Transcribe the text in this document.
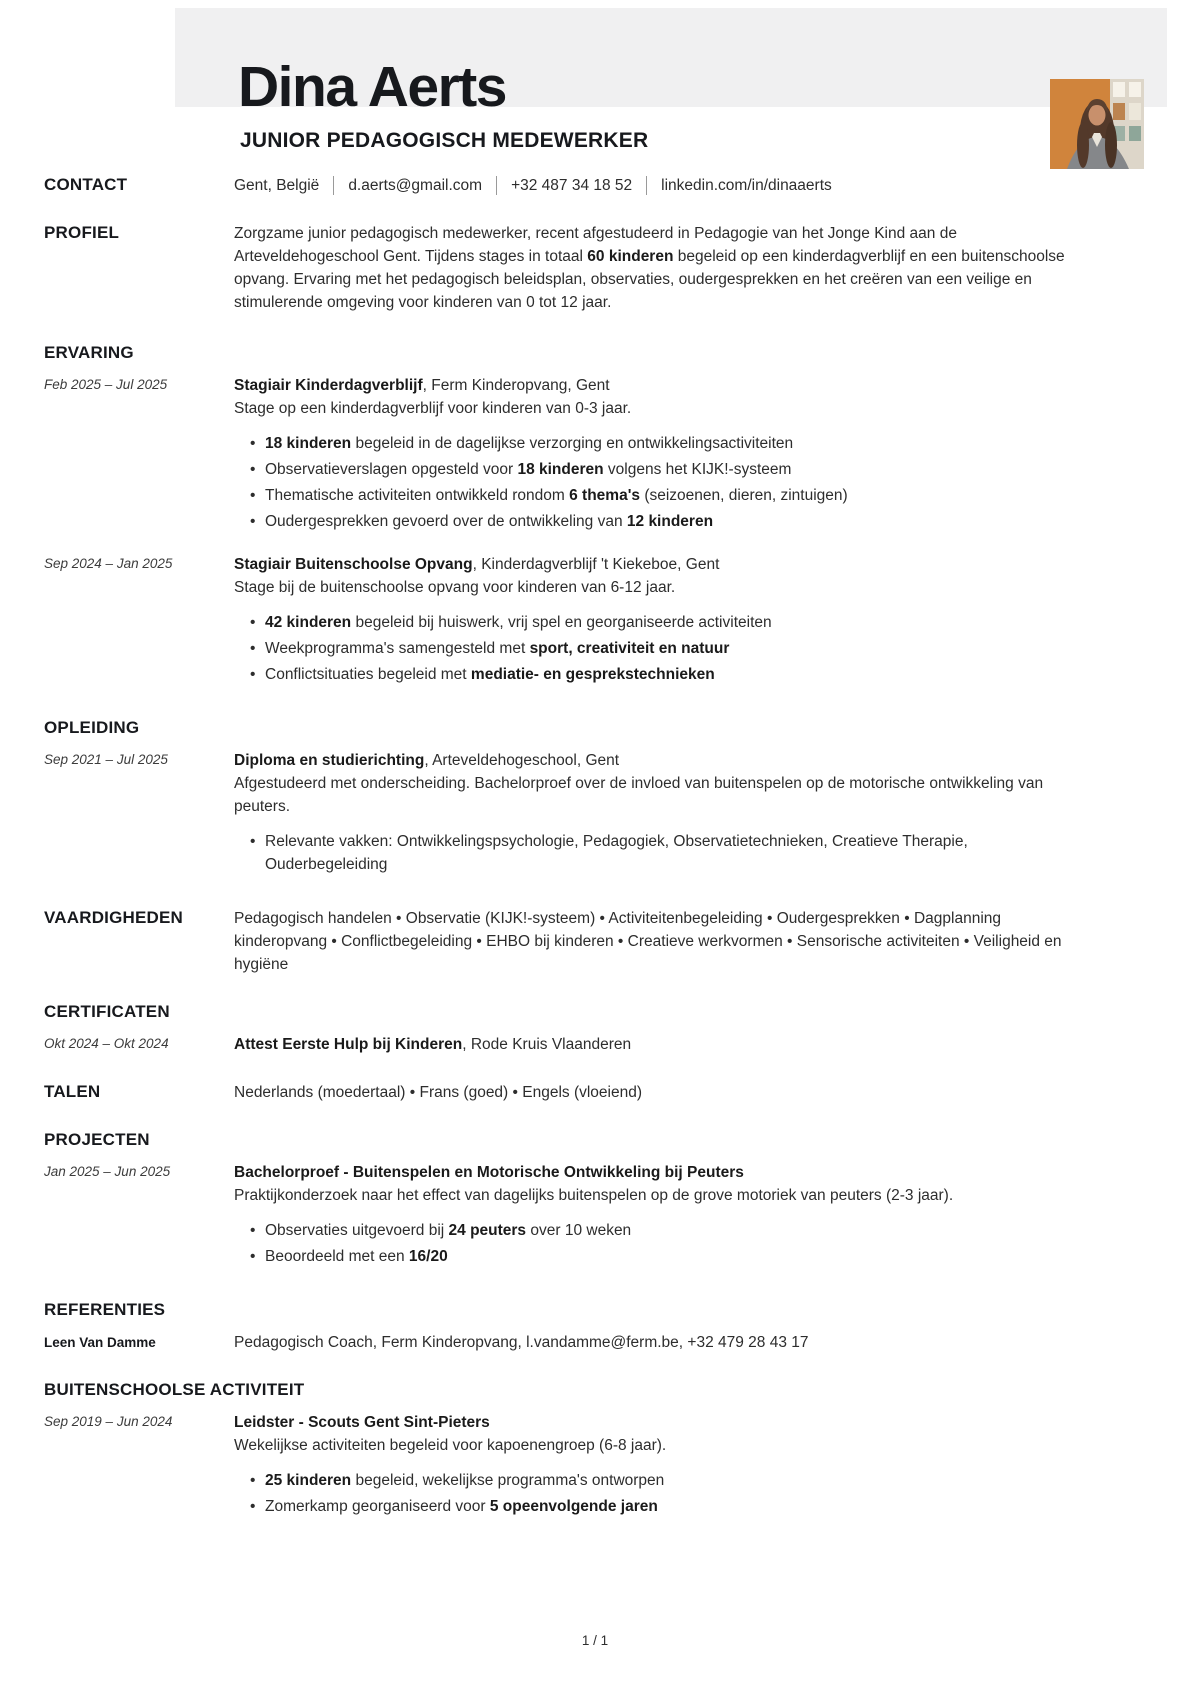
Dina Aerts
JUNIOR PEDAGOGISCH MEDEWERKER
CONTACT	Gent, België d.aerts@gmail.com +32 487 34 18 52 linkedin.com/in/dinaaerts
PROFIEL	Zorgzame junior pedagogisch medewerker, recent afgestudeerd in Pedagogie van het Jonge Kind aan de Arteveldehogeschool Gent. Tijdens stages in totaal 60 kinderen begeleid op een kinderdagverblijf en een buitenschoolse opvang. Ervaring met het pedagogisch beleidsplan, observaties, oudergesprekken en het creëren van een veilige en stimulerende omgeving voor kinderen van 0 tot 12 jaar.
ERVARING
Feb 2025 – Jul 2025	Stagiair Kinderdagverblijf, Ferm Kinderopvang, Gent

Stage op een kinderdagverblijf voor kinderen van 0-3 jaar.

• 18 kinderen begeleid in de dagelijkse verzorging en ontwikkelingsactiviteiten
• Observatieverslagen opgesteld voor 18 kinderen volgens het KIJK!-systeem
• Thematische activiteiten ontwikkeld rondom 6 thema's (seizoenen, dieren, zintuigen)
• Oudergesprekken gevoerd over de ontwikkeling van 12 kinderen
Sep 2024 – Jan 2025	Stagiair Buitenschoolse Opvang, Kinderdagverblijf 't Kiekeboe, Gent

Stage bij de buitenschoolse opvang voor kinderen van 6-12 jaar.

• 42 kinderen begeleid bij huiswerk, vrij spel en georganiseerde activiteiten
• Weekprogramma's samengesteld met sport, creativiteit en natuur
• Conflictsituaties begeleid met mediatie- en gesprekstechnieken
OPLEIDING
Sep 2021 – Jul 2025	Diploma en studierichting, Arteveldehogeschool, Gent

Afgestudeerd met onderscheiding. Bachelorproef over de invloed van buitenspelen op de motorische ontwikkeling van peuters.

• Relevante vakken: Ontwikkelingspsychologie, Pedagogiek, Observatietechnieken, Creatieve Therapie, Ouderbegeleiding
VAARDIGHEDEN	Pedagogisch handelen • Observatie (KIJK!-systeem) • Activiteitenbegeleiding • Oudergesprekken • Dagplanning kinderopvang • Conflictbegeleiding • EHBO bij kinderen • Creatieve werkvormen • Sensorische activiteiten • Veiligheid en hygiëne
CERTIFICATEN
Okt 2024 – Okt 2024	Attest Eerste Hulp bij Kinderen, Rode Kruis Vlaanderen

TALEN	Nederlands (moedertaal) • Frans (goed) • Engels (vloeiend)
PROJECTEN
Jan 2025 – Jun 2025	Bachelorproef - Buitenspelen en Motorische Ontwikkeling bij Peuters

Praktijkonderzoek naar het effect van dagelijks buitenspelen op de grove motoriek van peuters (2-3 jaar).

• Observaties uitgevoerd bij 24 peuters over 10 weken
• Beoordeeld met een 16/20
REFERENTIES
Leen Van Damme	Pedagogisch Coach, Ferm Kinderopvang, l.vandamme@ferm.be, +32 479 28 43 17
BUITENSCHOOLSE ACTIVITEIT
Sep 2019 – Jun 2024	Leidster - Scouts Gent Sint-Pieters

Wekelijkse activiteiten begeleid voor kapoenengroep (6-8 jaar).

• 25 kinderen begeleid, wekelijkse programma's ontworpen
• Zomerkamp georganiseerd voor 5 opeenvolgende jaren
1 / 1
